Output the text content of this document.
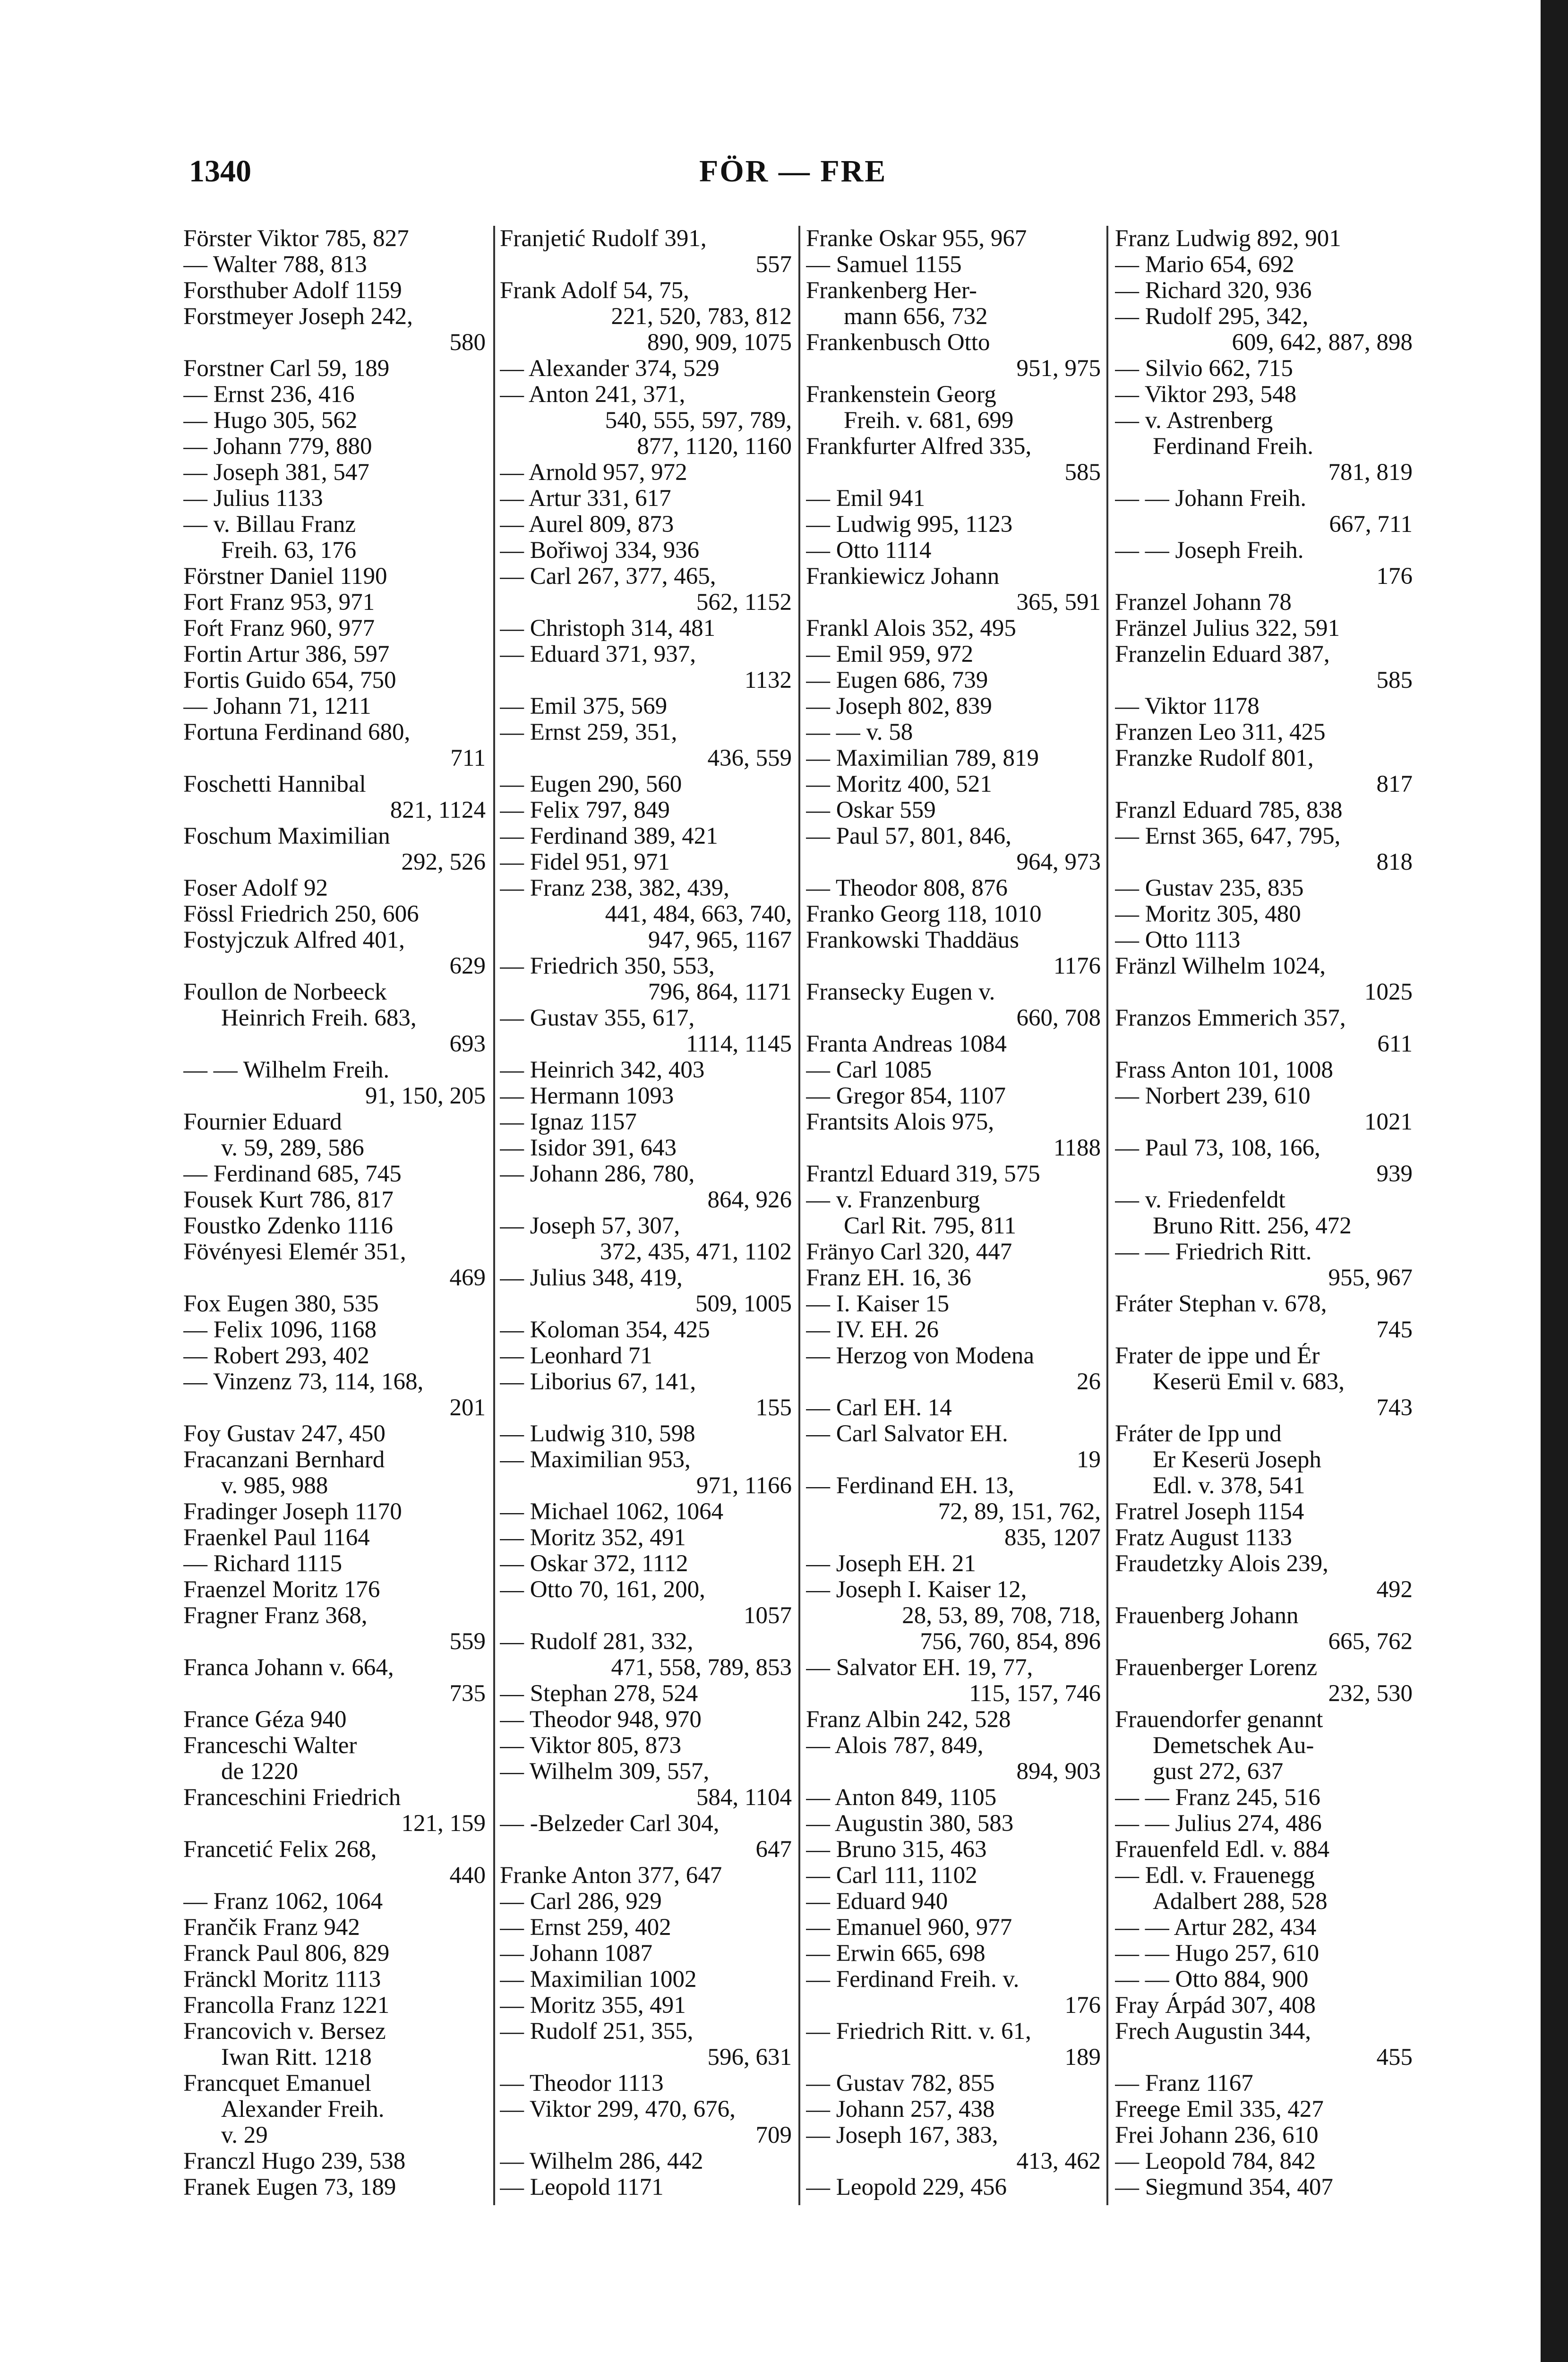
1340	FÖR — FRE
Förster Viktor 785, 827
— Walter 788, 813
Forsthuber Adolf 1159
Forstmeyer Joseph 242,
580
Forstner Carl 59, 189
— Ernst 236, 416
— Hugo 305, 562
— Johann 779, 880
— Joseph 381, 547
— Julius 1133
— v. Billau Franz
Freih. 63, 176
Förstner Daniel 1190
Fort Franz 953, 971
Foŕt Franz 960, 977
Fortin Artur 386, 597
Fortis Guido 654, 750
— Johann 71, 1211
Fortuna Ferdinand 680,
711
Foschetti Hannibal
821, 1124
Foschum Maximilian
292, 526
Foser Adolf 92
Fössl Friedrich 250, 606
Fostyjczuk Alfred 401,
629
Foullon de Norbeeck
Heinrich Freih. 683,
693
— — Wilhelm Freih.
91, 150, 205
Fournier Eduard
v. 59, 289, 586
— Ferdinand 685, 745
Fousek Kurt 786, 817
Foustko Zdenko 1116
Fövényesi Elemér 351,
469
Fox Eugen 380, 535
— Felix 1096, 1168
— Robert 293, 402
— Vinzenz 73, 114, 168,
201
Foy Gustav 247, 450
Fracanzani Bernhard
v. 985, 988
Fradinger Joseph 1170
Fraenkel Paul 1164
— Richard 1115
Fraenzel Moritz 176
Fragner Franz 368,
559
Franca Johann v. 664,
735
France Géza 940
Franceschi Walter
de 1220
Franceschini Friedrich
121, 159
Francetić Felix 268,
440
— Franz 1062, 1064
Frančik Franz 942
Franck Paul 806, 829
Fränckl Moritz 1113
Francolla Franz 1221
Francovich v. Bersez
Iwan Ritt. 1218
Francquet Emanuel
Alexander Freih.
v. 29
Franczl Hugo 239, 538
Franek Eugen 73, 189
Franjetić Rudolf 391,
557
Frank Adolf 54, 75,
221, 520, 783, 812
890, 909, 1075
— Alexander 374, 529
— Anton 241, 371,
540, 555, 597, 789,
877, 1120, 1160
— Arnold 957, 972
— Artur 331, 617
— Aurel 809, 873
— Bořiwoj 334, 936
— Carl 267, 377, 465,
562, 1152
— Christoph 314, 481
— Eduard 371, 937,
1132
— Emil 375, 569
— Ernst 259, 351,
436, 559
— Eugen 290, 560
— Felix 797, 849
— Ferdinand 389, 421
— Fidel 951, 971
— Franz 238, 382, 439,
441, 484, 663, 740,
947, 965, 1167
— Friedrich 350, 553,
796, 864, 1171
— Gustav 355, 617,
1114, 1145
— Heinrich 342, 403
— Hermann 1093
— Ignaz 1157
— Isidor 391, 643
— Johann 286, 780,
864, 926
— Joseph 57, 307,
372, 435, 471, 1102
— Julius 348, 419,
509, 1005
— Koloman 354, 425
— Leonhard 71
— Liborius 67, 141,
155
— Ludwig 310, 598
— Maximilian 953,
971, 1166
— Michael 1062, 1064
— Moritz 352, 491
— Oskar 372, 1112
— Otto 70, 161, 200,
1057
— Rudolf 281, 332,
471, 558, 789, 853
— Stephan 278, 524
— Theodor 948, 970
— Viktor 805, 873
— Wilhelm 309, 557,
584, 1104
— -Belzeder Carl 304,
647
Franke Anton 377, 647
— Carl 286, 929
— Ernst 259, 402
— Johann 1087
— Maximilian 1002
— Moritz 355, 491
— Rudolf 251, 355,
596, 631
— Theodor 1113
— Viktor 299, 470, 676,
709
— Wilhelm 286, 442
— Leopold 1171
Franke Oskar 955, 967
— Samuel 1155
Frankenberg Her-
mann 656, 732
Frankenbusch Otto
951, 975
Frankenstein Georg
Freih. v. 681, 699
Frankfurter Alfred 335,
585
— Emil 941
— Ludwig 995, 1123
— Otto 1114
Frankiewicz Johann
365, 591
Frankl Alois 352, 495
— Emil 959, 972
— Eugen 686, 739
— Joseph 802, 839
— — v. 58
— Maximilian 789, 819
— Moritz 400, 521
— Oskar 559
— Paul 57, 801, 846,
964, 973
— Theodor 808, 876
Franko Georg 118, 1010
Frankowski Thaddäus
1176
Fransecky Eugen v.
660, 708
Franta Andreas 1084
— Carl 1085
— Gregor 854, 1107
Frantsits Alois 975,
1188
Frantzl Eduard 319, 575
— v. Franzenburg
Carl Rit. 795, 811
Fränyo Carl 320, 447
Franz EH. 16, 36
— I. Kaiser 15
— IV. EH. 26
— Herzog von Modena
26
— Carl EH. 14
— Carl Salvator EH.
19
— Ferdinand EH. 13,
72, 89, 151, 762,
835, 1207
— Joseph EH. 21
— Joseph I. Kaiser 12,
28, 53, 89, 708, 718,
756, 760, 854, 896
— Salvator EH. 19, 77,
115, 157, 746
Franz Albin 242, 528
— Alois 787, 849,
894, 903
— Anton 849, 1105
— Augustin 380, 583
— Bruno 315, 463
— Carl 111, 1102
— Eduard 940
— Emanuel 960, 977
— Erwin 665, 698
— Ferdinand Freih. v.
176
— Friedrich Ritt. v. 61,
189
— Gustav 782, 855
— Johann 257, 438
— Joseph 167, 383,
413, 462
— Leopold 229, 456
Franz Ludwig 892, 901
— Mario 654, 692
— Richard 320, 936
— Rudolf 295, 342,
609, 642, 887, 898
— Silvio 662, 715
— Viktor 293, 548
— v. Astrenberg
Ferdinand Freih.
781, 819
— — Johann Freih.
667, 711
— — Joseph Freih.
176
Franzel Johann 78
Fränzel Julius 322, 591
Franzelin Eduard 387,
585
— Viktor 1178
Franzen Leo 311, 425
Franzke Rudolf 801,
817
Franzl Eduard 785, 838
— Ernst 365, 647, 795,
818
— Gustav 235, 835
— Moritz 305, 480
— Otto 1113
Fränzl Wilhelm 1024,
1025
Franzos Emmerich 357,
611
Frass Anton 101, 1008
— Norbert 239, 610
1021
— Paul 73, 108, 166,
939
— v. Friedenfeldt
Bruno Ritt. 256, 472
— — Friedrich Ritt.
955, 967
Fráter Stephan v. 678,
745
Frater de ippe und Ér
Keserü Emil v. 683,
743
Fráter de Ipp und
Er Keserü Joseph
Edl. v. 378, 541
Fratrel Joseph 1154
Fratz August 1133
Fraudetzky Alois 239,
492
Frauenberg Johann
665, 762
Frauenberger Lorenz
232, 530
Frauendorfer genannt
Demetschek Au-
gust 272, 637
— — Franz 245, 516
— — Julius 274, 486
Frauenfeld Edl. v. 884
— Edl. v. Frauenegg
Adalbert 288, 528
— — Artur 282, 434
— — Hugo 257, 610
— — Otto 884, 900
Fray Árpád 307, 408
Frech Augustin 344,
455
— Franz 1167
Freege Emil 335, 427
Frei Johann 236, 610
— Leopold 784, 842
— Siegmund 354, 407
